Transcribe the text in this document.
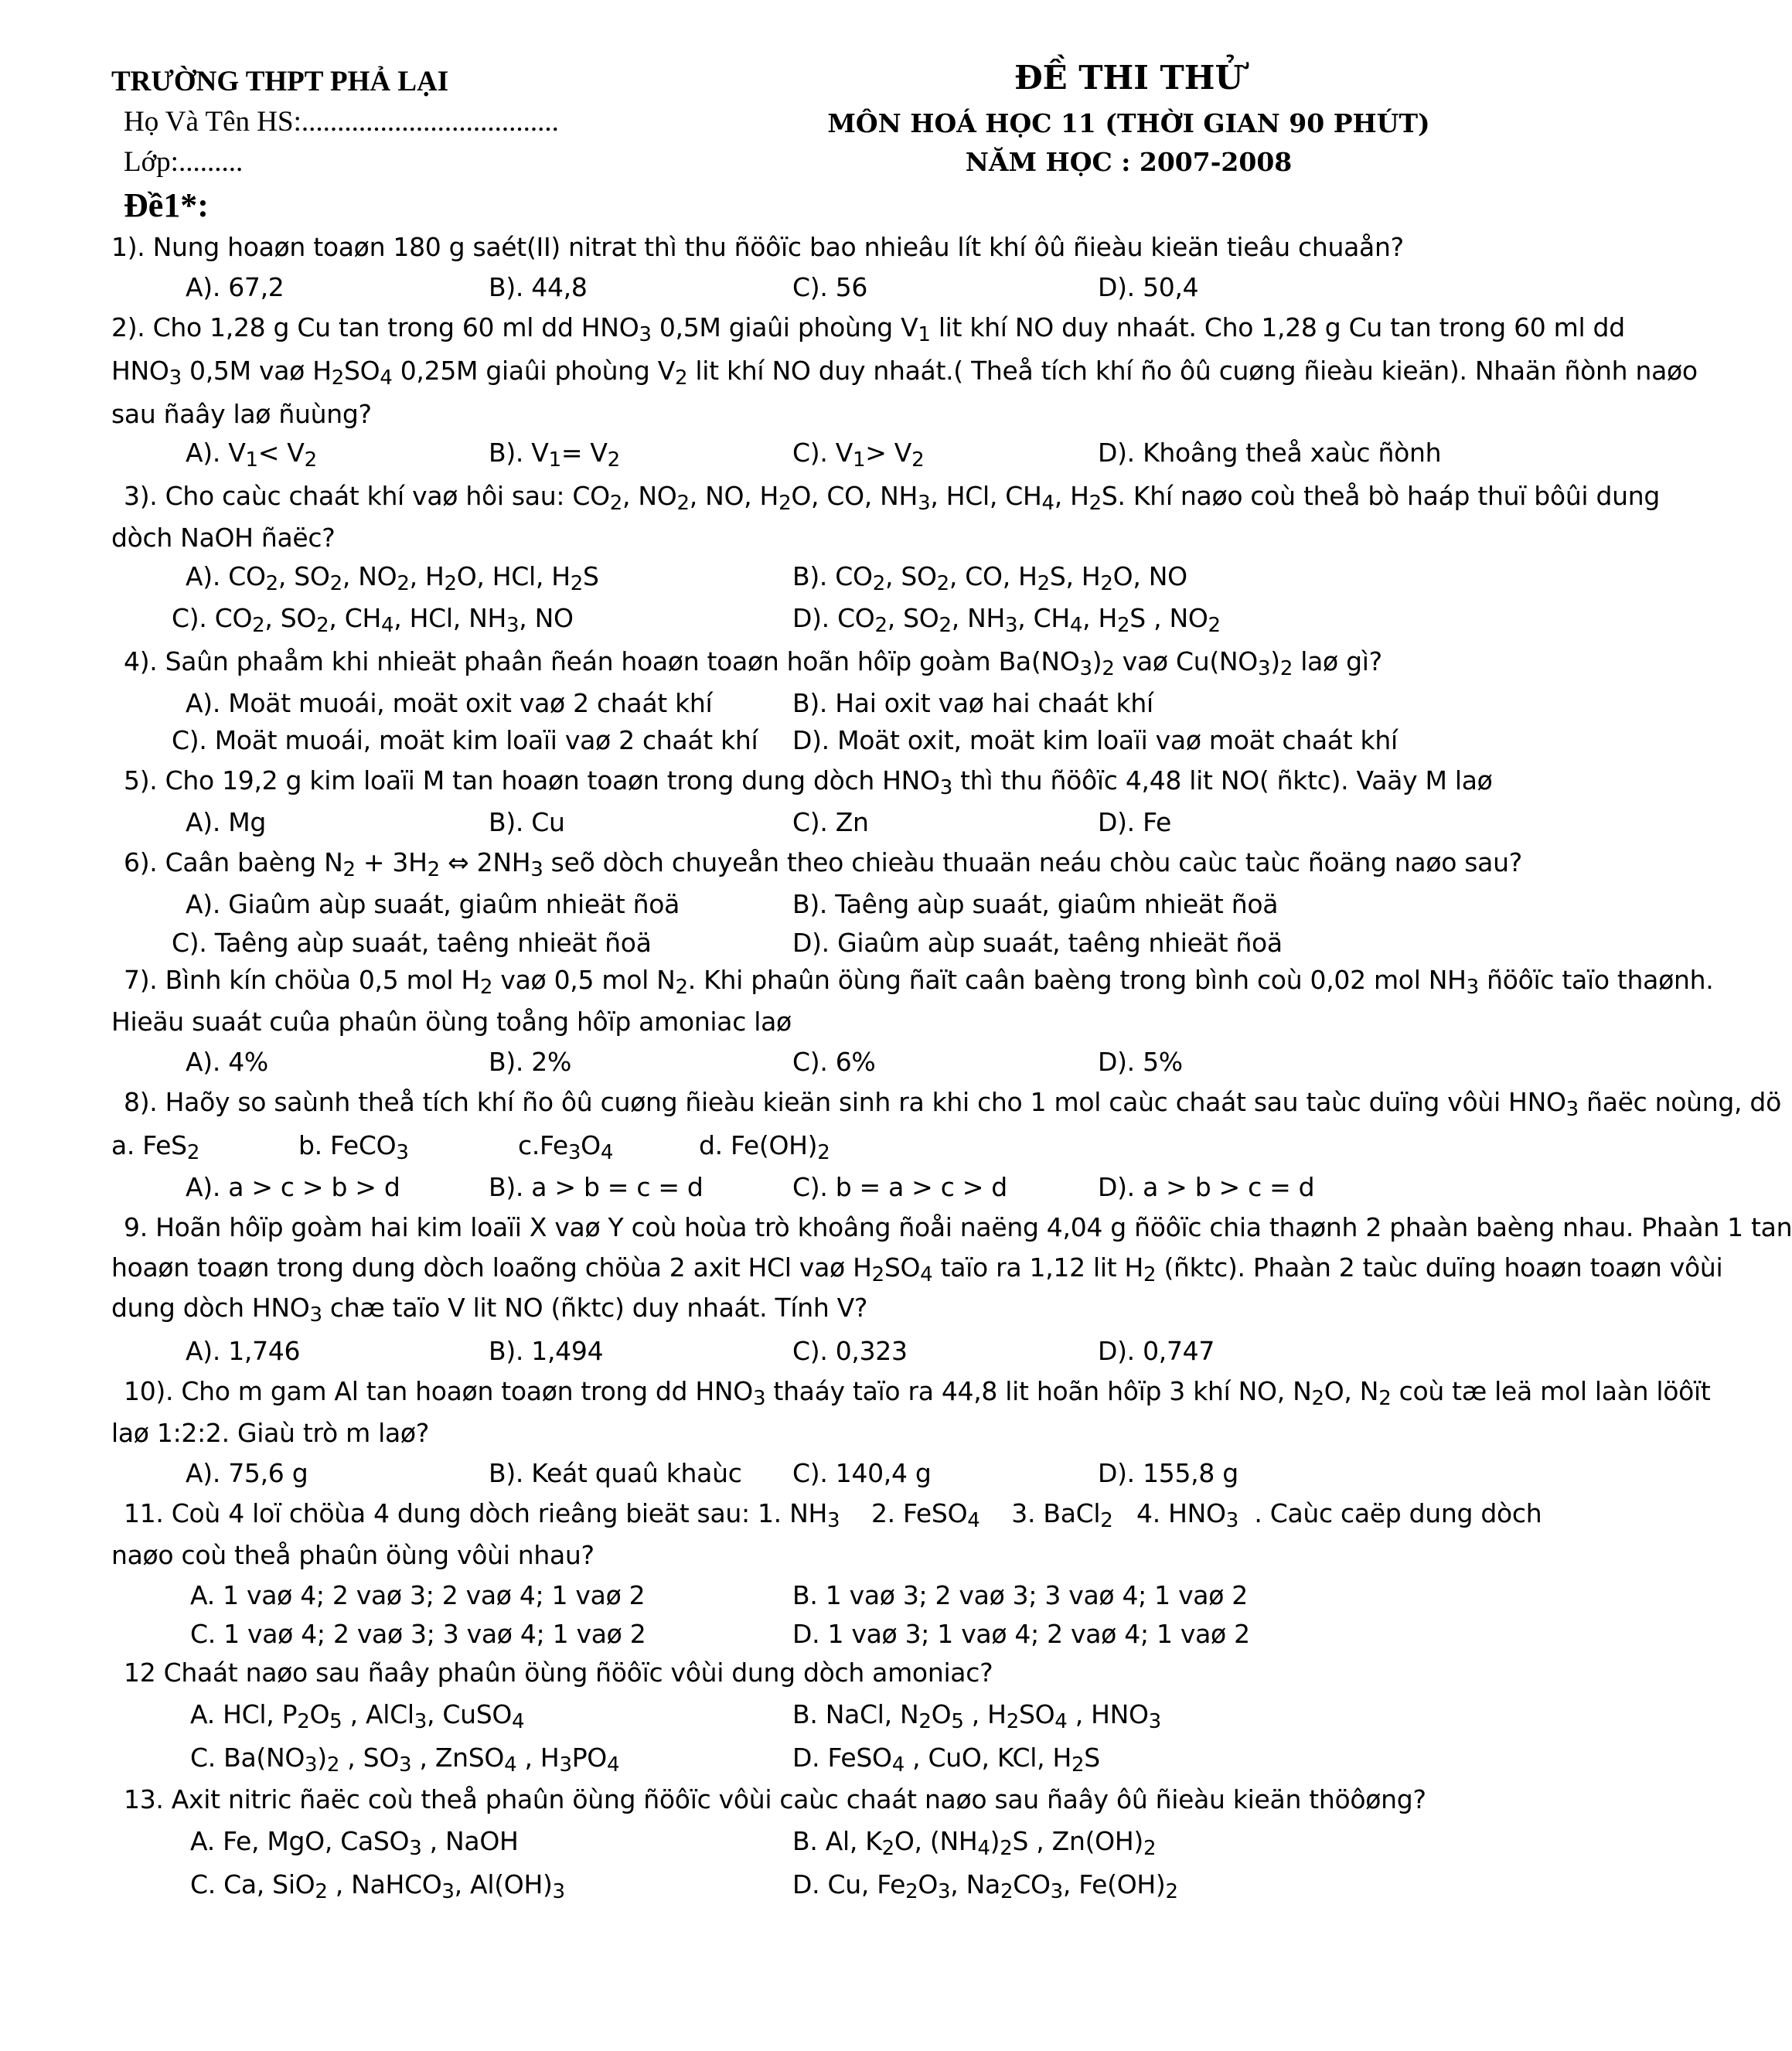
TRƯỜNG THPT PHẢ LẠI
Họ Và Tên HS:....................................
Lớp:.........
ĐỀ THI THỬ
MÔN HOÁ HỌC 11 (THỜI GIAN 90 PHÚT)
NĂM HỌC : 2007-2008
Đề1*:
1). Nung hoaøn toaøn 180 g saét(II) nitrat thì thu ñöôïc bao nhieâu lít khí ôû ñieàu kieän tieâu chuaån?
A). 67,2	B). 44,8	C). 56	D). 50,4
2). Cho 1,28 g Cu tan trong 60 ml dd $HNO_3$ 0,5M giaûi phoùng $V_1$ lit khí NO duy nhaát. Cho 1,28 g Cu tan trong 60 ml dd
$HNO_3$ 0,5M vaø $H_2SO_4$ 0,25M giaûi phoùng $V_2$ lit khí NO duy nhaát.( Theå tích khí ño ôû cuøng ñieàu kieän). Nhaän ñònh naøo
sau ñaây laø ñuùng?
A). $V_1< V_2$	B). $V_1= V_2$	C). $V_1> V_2$	D). Khoâng theå xaùc ñònh
3). Cho caùc chaát khí vaø hôi sau: $CO_2$, $NO_2$, NO, $H_2O$, CO, $NH_3$, HCl, $CH_4$, $H_2S$. Khí naøo coù theå bò haáp thuï bôûi dung
dòch NaOH ñaëc?
A). $CO_2$, $SO_2$, $NO_2$, $H_2O$, HCl, $H_2S$	B). $CO_2$, $SO_2$, CO, $H_2S$, $H_2O$, NO
C). $CO_2$, $SO_2$, $CH_4$, HCl, $NH_3$, NO	D). $CO_2$, $SO_2$, $NH_3$, $CH_4$, $H_2S$ , $NO_2$
4). Saûn phaåm khi nhieät phaân ñeán hoaøn toaøn hoãn hôïp goàm $Ba(NO_3)_2$ vaø $Cu(NO_3)_2$ laø gì?
A). Moät muoái, moät oxit vaø 2 chaát khí	B). Hai oxit vaø hai chaát khí
C). Moät muoái, moät kim loaïi vaø 2 chaát khí D). Moät oxit, moät kim loaïi vaø moät chaát khí
5). Cho 19,2 g kim loaïi M tan hoaøn toaøn trong dung dòch $HNO_3$ thì thu ñöôïc 4,48 lit NO( ñktc). Vaäy M laø
A). Mg	B). Cu	C). Zn	D). Fe
6). Caân baèng $N_2 + 3H_2$ ⇔ $2NH_3$ seõ dòch chuyeån theo chieàu thuaän neáu chòu caùc taùc ñoäng naøo sau?
A). Giaûm aùp suaát, giaûm nhieät ñoä	B). Taêng aùp suaát, giaûm nhieät ñoä
C). Taêng aùp suaát, taêng nhieät ñoä	D). Giaûm aùp suaát, taêng nhieät ñoä
7). Bình kín chöùa 0,5 mol $H_2$ vaø 0,5 mol $N_2$. Khi phaûn öùng ñaït caân baèng trong bình coù 0,02 mol $NH_3$ ñöôïc taïo thaønh.
Hieäu suaát cuûa phaûn öùng toång hôïp amoniac laø
A). 4%	B). 2%	C). 6%	D). 5%
8). Haõy so saùnh theå tích khí ño ôû cuøng ñieàu kieän sinh ra khi cho 1 mol caùc chaát sau taùc duïng vôùi $HNO_3$ ñaëc noùng, dö
a. FeS$_2$	b. FeCO$_3$	$c.Fe_3O_4$	d. $Fe(OH)_2$
A). a > c > b > d	B). a > b = c = d	C). b = a > c > d	D). a > b > c = d
9. Hoãn hôïp goàm hai kim loaïi X vaø Y coù hoùa trò khoâng ñoåi naëng 4,04 g ñöôïc chia thaønh 2 phaàn baèng nhau. Phaàn 1 tan
hoaøn toaøn trong dung dòch loaõng chöùa 2 axit HCl vaø $H_2SO_4$ taïo ra 1,12 lit $H_2$ (ñktc). Phaàn 2 taùc duïng hoaøn toaøn vôùi
dung dòch $HNO_3$ chæ taïo V lit NO (ñktc) duy nhaát. Tính V?
A). 1,746	B). 1,494	C). 0,323	D). 0,747
10). Cho m gam Al tan hoaøn toaøn trong dd $HNO_3$ thaáy taïo ra 44,8 lit hoãn hôïp 3 khí NO, $N_2O$, $N_2$ coù tæ leä mol laàn löôït
laø 1:2:2. Giaù trò m laø?
A). 75,6 g	B). Keát quaû khaùc C). 140,4 g	D). 155,8 g
11. Coù 4 loï chöùa 4 dung dòch rieâng bieät sau: 1. $NH_3$    2. FeSO$_4$    3. BaCl$_2$   4. $HNO_3$  . Caùc caëp dung dòch
naøo coù theå phaûn öùng vôùi nhau?
A. 1 vaø 4; 2 vaø 3; 2 vaø 4; 1 vaø 2	B. 1 vaø 3; 2 vaø 3; 3 vaø 4; 1 vaø 2
C. 1 vaø 4; 2 vaø 3; 3 vaø 4; 1 vaø 2	D. 1 vaø 3; 1 vaø 4; 2 vaø 4; 1 vaø 2
12 Chaát naøo sau ñaây phaûn öùng ñöôïc vôùi dung dòch amoniac?
A. HCl, $P_2O_5$ , AlCl$_3$, CuSO$_4$	B. NaCl, $N_2O_5$ , $H_2SO_4$ , $HNO_3$
C. $Ba(NO_3)_2$ , $SO_3$ , ZnSO$_4$ , $H_3PO_4$	D. FeSO$_4$ , CuO, KCl, $H_2S$
13. Axit nitric ñaëc coù theå phaûn öùng ñöôïc vôùi caùc chaát naøo sau ñaây ôû ñieàu kieän thöôøng?
A. Fe, MgO, CaSO$_3$ , NaOH	B. Al, $K_2O$, $(NH_4)_2S$ , $Zn(OH)_2$
C. Ca, SiO$_2$ , NaHCO$_3$, $Al(OH)_3$	D. Cu, $Fe_2O_3$, $Na_2CO_3$, $Fe(OH)_2$
